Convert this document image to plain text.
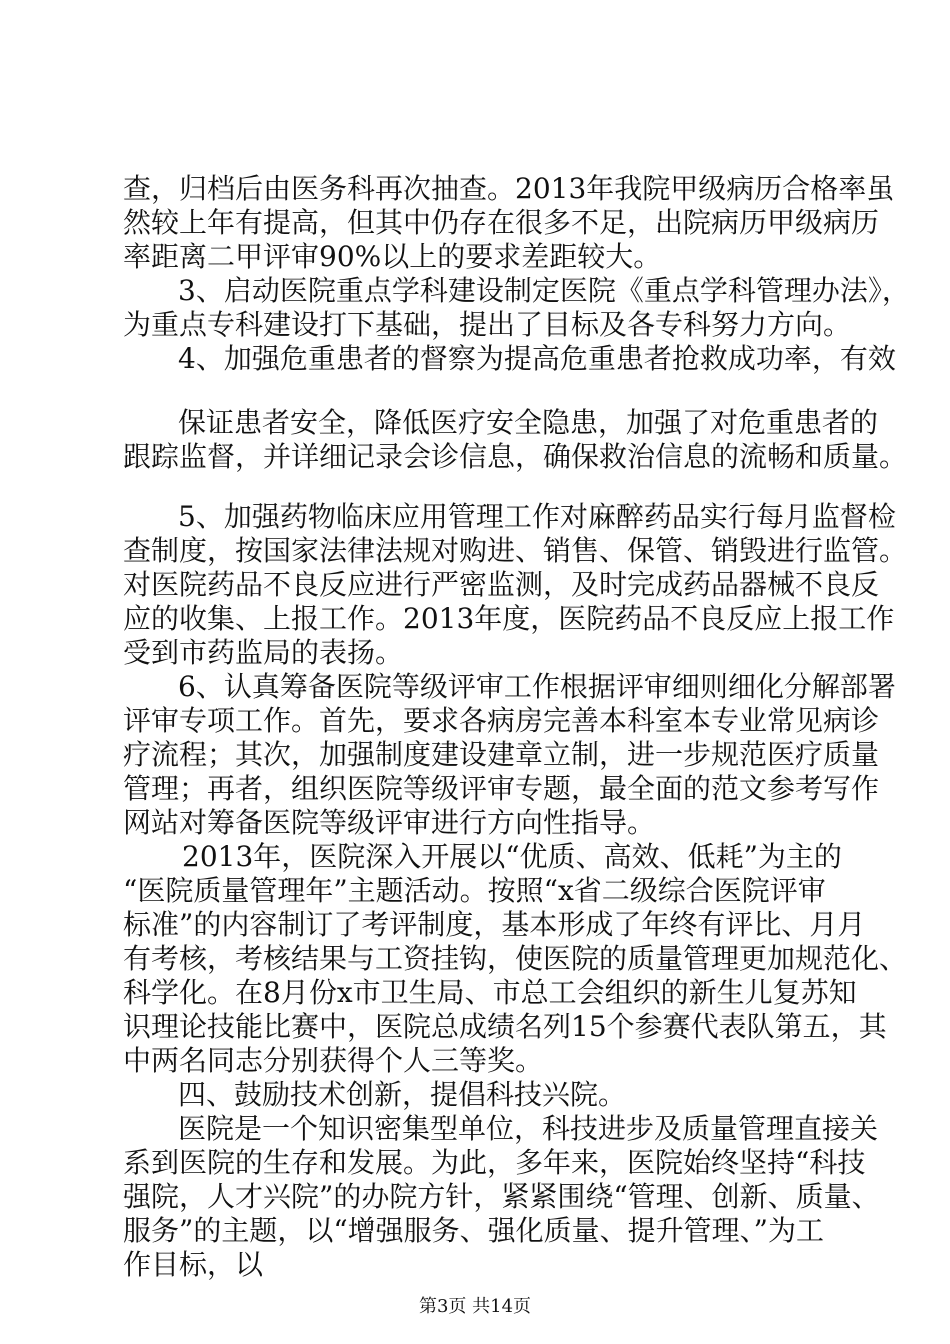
查，归档后由医务科再次抽查。2013年我院甲级病历合格率虽
然较上年有提高，但其中仍存在很多不足，出院病历甲级病历
率距离二甲评审90%以上的要求差距较大。
3、启动医院重点学科建设制定医院《重点学科管理办法》，
为重点专科建设打下基础，提出了目标及各专科努力方向。
4、加强危重患者的督察为提高危重患者抢救成功率，有效
保证患者安全，降低医疗安全隐患，加强了对危重患者的
跟踪监督，并详细记录会诊信息，确保救治信息的流畅和质量。
5、加强药物临床应用管理工作对麻醉药品实行每月监督检
查制度，按国家法律法规对购进、销售、保管、销毁进行监管。
对医院药品不良反应进行严密监测，及时完成药品器械不良反
应的收集、上报工作。2013年度，医院药品不良反应上报工作
受到市药监局的表扬。
6、认真筹备医院等级评审工作根据评审细则细化分解部署
评审专项工作。首先，要求各病房完善本科室本专业常见病诊
疗流程；其次，加强制度建设建章立制，进一步规范医疗质量
管理；再者，组织医院等级评审专题，最全面的范文参考写作
网站对筹备医院等级评审进行方向性指导。
2013年，医院深入开展以“优质、高效、低耗”为主的
“医院质量管理年”主题活动。按照“x省二级综合医院评审
标准”的内容制订了考评制度，基本形成了年终有评比、月月
有考核，考核结果与工资挂钩，使医院的质量管理更加规范化、
科学化。在8月份x市卫生局、市总工会组织的新生儿复苏知
识理论技能比赛中，医院总成绩名列15个参赛代表队第五，其
中两名同志分别获得个人三等奖。
四、鼓励技术创新，提倡科技兴院。
医院是一个知识密集型单位，科技进步及质量管理直接关
系到医院的生存和发展。为此，多年来，医院始终坚持“科技
强院，人才兴院”的办院方针，紧紧围绕“管理、创新、质量、
服务”的主题，以“增强服务、强化质量、提升管理、”为工
作目标，以
第3页 共14页
